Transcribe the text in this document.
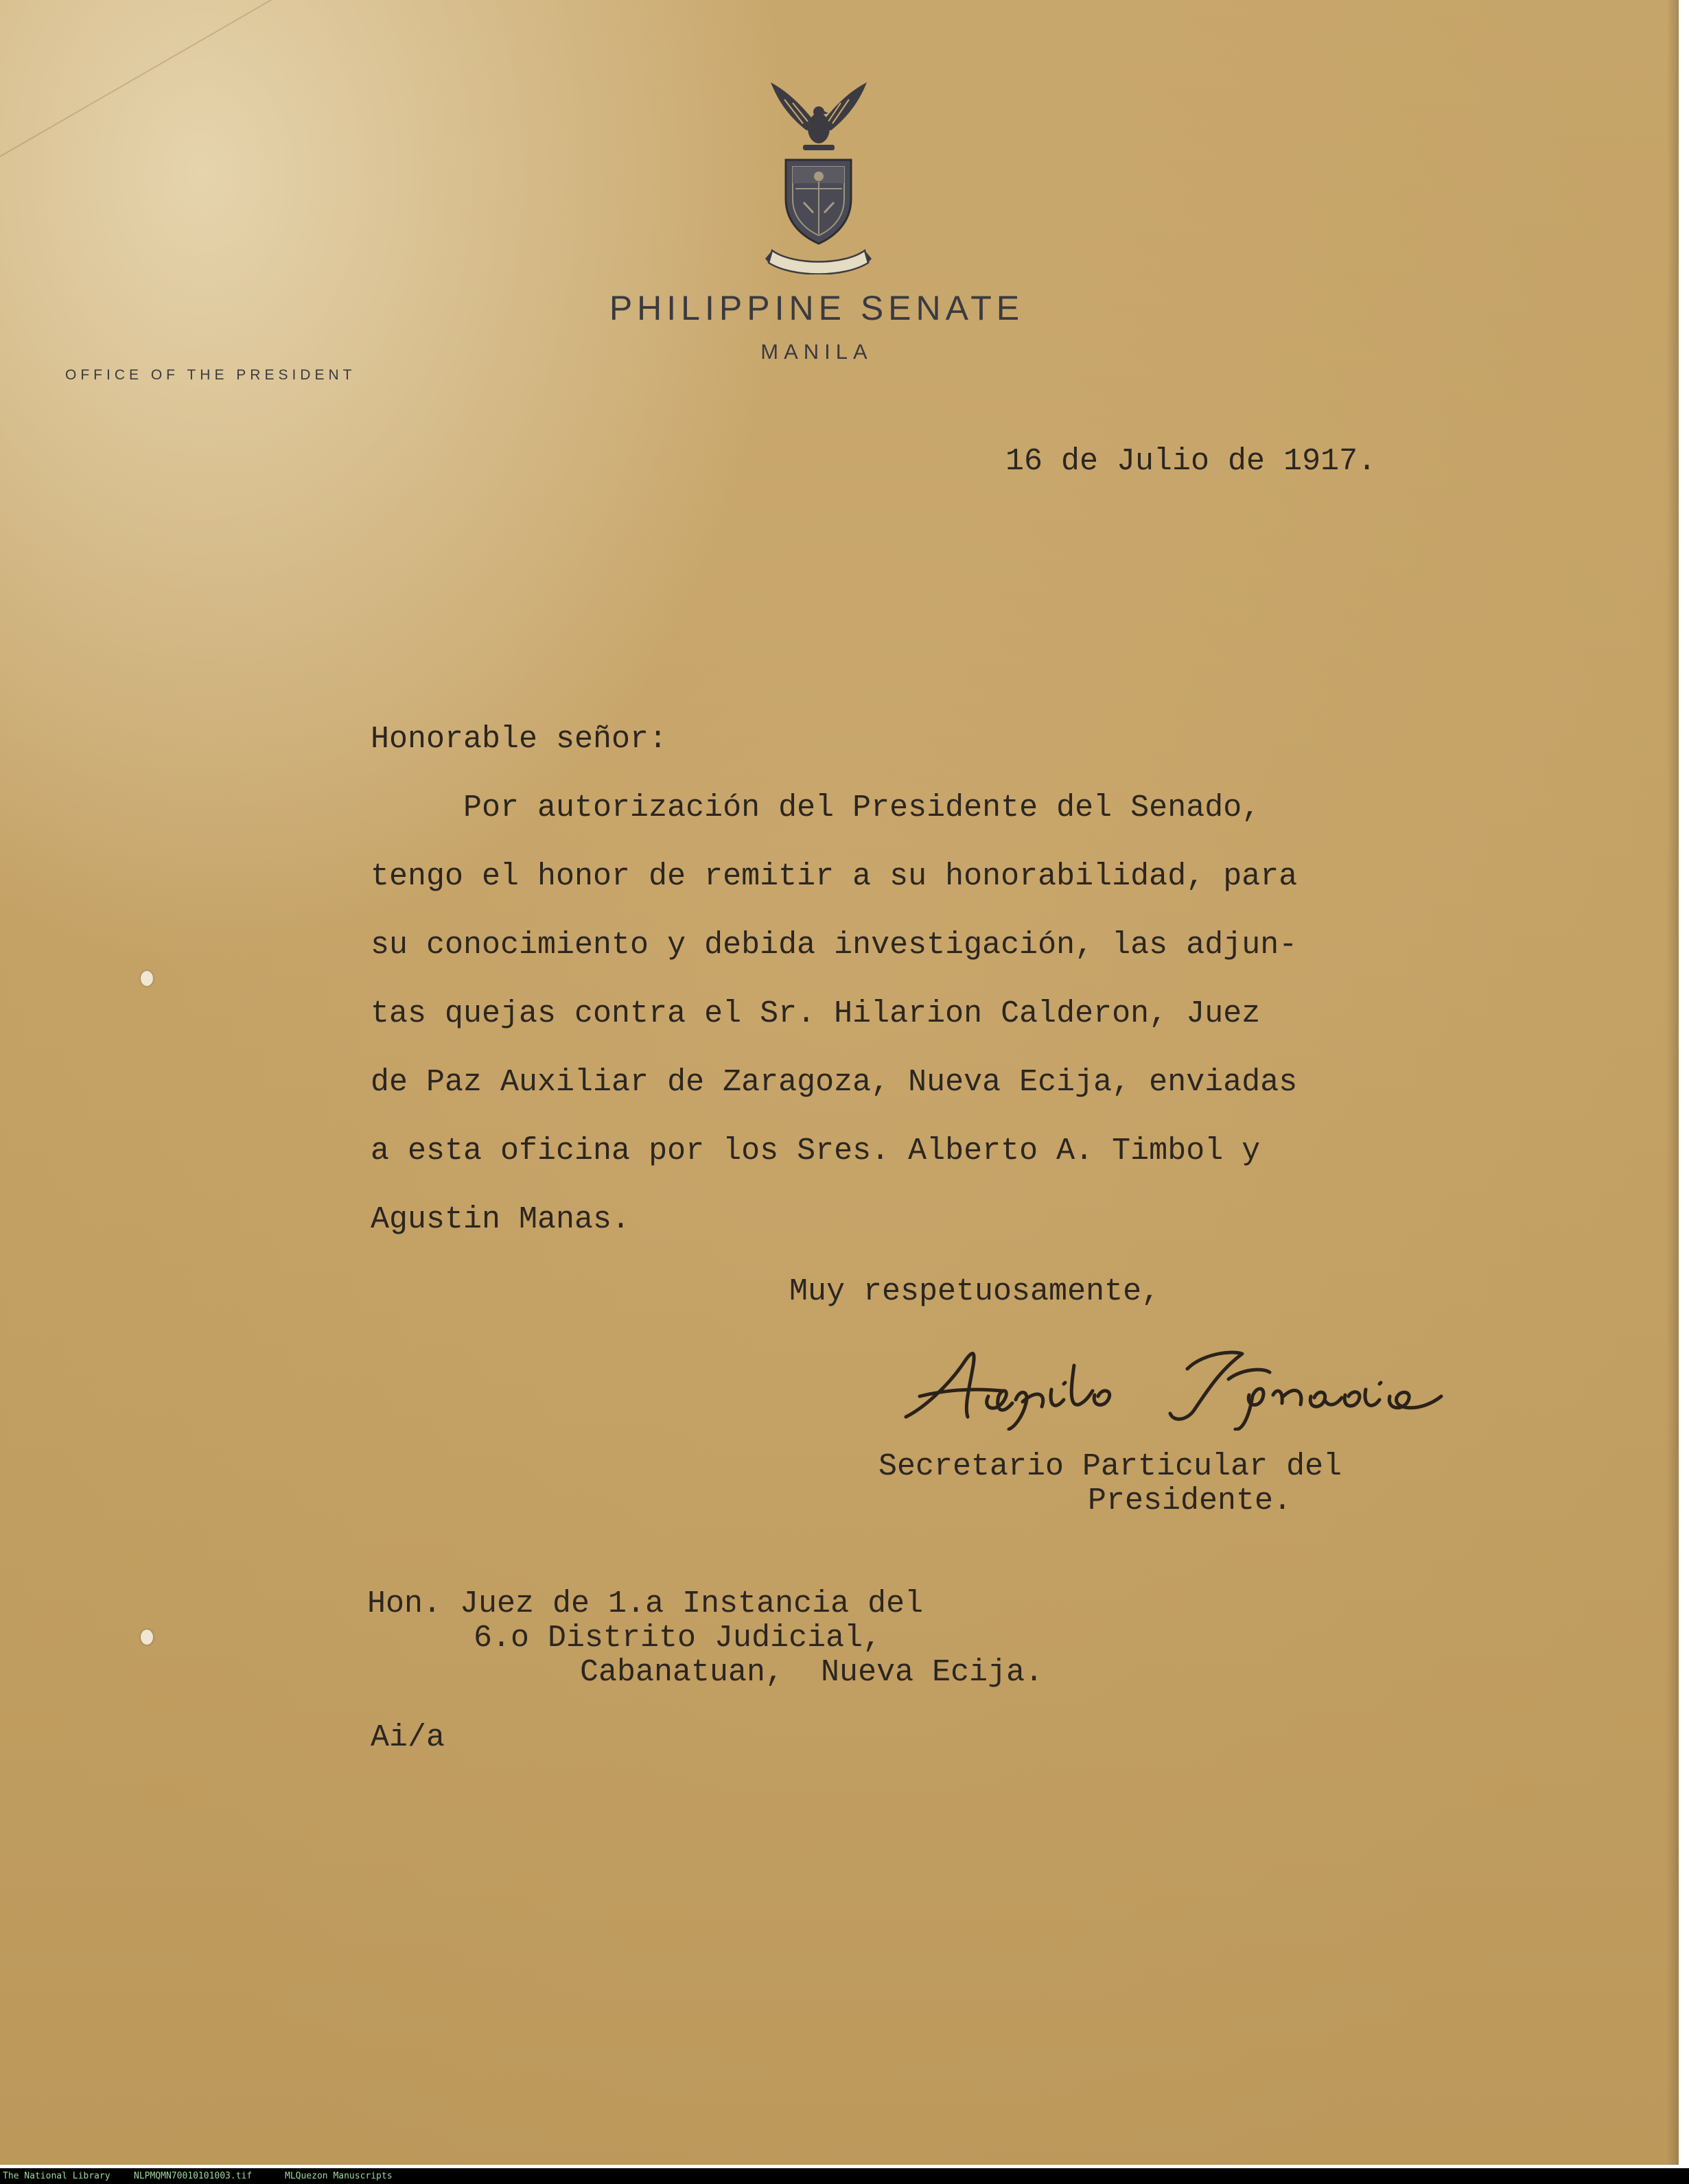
PHILIPPINE SENATE
MANILA
OFFICE OF THE PRESIDENT
16 de Julio de 1917.
Honorable señor:
Por autorización del Presidente del Senado,
tengo el honor de remitir a su honorabilidad, para
su conocimiento y debida investigación, las adjun-
tas quejas contra el Sr. Hilarion Calderon, Juez
de Paz Auxiliar de Zaragoza, Nueva Ecija, enviadas
a esta oficina por los Sres. Alberto A. Timbol y
Agustin Manas.
Muy respetuosamente,
Secretario Particular del
Presidente.
Hon. Juez de 1.a Instancia del
6.o Distrito Judicial,
Cabanatuan,  Nueva Ecija.
Ai/a
The National Library	NLPMQMN70010101003.tif	MLQuezon Manuscripts
